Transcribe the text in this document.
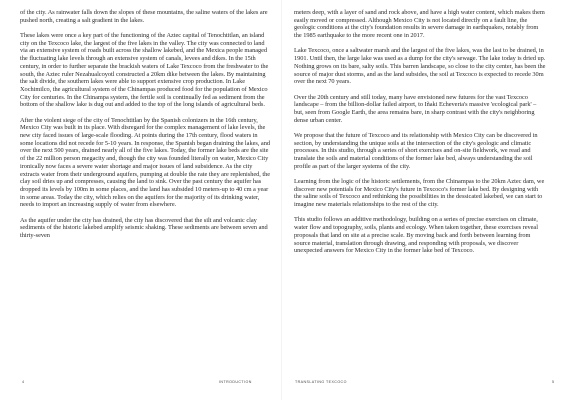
of the city. As rainwater falls down the slopes of these mountains, the saline waters of the lakes are pushed north, creating a salt gradient in the lakes.

These lakes were once a key part of the functioning of the Aztec capital of Tenochtitlan, an island city on the Texcoco lake, the largest of the five lakes in the valley. The city was connected to land via an extensive system of roads built across the shallow lakebed, and the Mexica people managed the fluctuating lake levels through an extensive system of canals, levees and dikes. In the 15th century, in order to further separate the brackish waters of Lake Texcoco from the freshwater to the south, the Aztec ruler Nezahualcoyotl constructed a 20km dike between the lakes. By maintaining the salt divide, the southern lakes were able to support extensive crop production. In Lake Xochimilco, the agricultural system of the Chinampas produced food for the population of Mexico City for centuries. In the Chinampa system, the fertile soil is continually fed as sediment from the bottom of the shallow lake is dug out and added to the top of the long islands of agricultural beds.

After the violent siege of the city of Tenochtitlan by the Spanish colonizers in the 16th century, Mexico City was built in its place. With disregard for the complex management of lake levels, the new city faced issues of large-scale flooding. At points during the 17th century, flood waters in some locations did not recede for 5-10 years. In response, the Spanish began draining the lakes, and over the next 500 years, drained nearly all of the five lakes. Today, the former lake beds are the site of the 22 million person megacity and, though the city was founded literally on water, Mexico City ironically now faces a severe water shortage and major issues of land subsidence. As the city extracts water from their underground aquifers, pumping at double the rate they are replenished, the clay soil dries up and compresses, causing the land to sink. Over the past century the aquifer has dropped its levels by 100m in some places, and the land has subsided 10 meters-up to 40 cm a year in some areas. Today the city, which relies on the aquifers for the majority of its drinking water, needs to import an increasing supply of water from elsewhere.

As the aquifer under the city has drained, the city has discovered that the silt and volcanic clay sediments of the historic lakebed amplify seismic shaking. These sediments are between seven and thirty-seven

4	INTRODUCTION

meters deep, with a layer of sand and rock above, and have a high water content, which makes them easily moved or compressed. Although Mexico City is not located directly on a fault line, the geologic conditions at the city's foundation results in severe damage in earthquakes, notably from the 1985 earthquake to the more recent one in 2017.

Lake Texcoco, once a saltwater marsh and the largest of the five lakes, was the last to be drained, in 1901. Until then, the large lake was used as a dump for the city's sewage. The lake today is dried up. Nothing grows on its bare, salty soils. This barren landscape, so close to the city center, has been the source of major dust storms, and as the land subsides, the soil at Texcoco is expected to recede 30m over the next 70 years.

Over the 20th century and still today, many have envisioned new futures for the vast Texcoco landscape – from the billion-dollar failed airport, to Iñaki Echeveria's massive 'ecological park' – but, seen from Google Earth, the area remains bare, in sharp contrast with the city's neighboring dense urban center.

We propose that the future of Texcoco and its relationship with Mexico City can be discovered in section, by understanding the unique soils at the intersection of the city's geologic and climatic processes. In this studio, through a series of short exercises and on-site fieldwork, we read and translate the soils and material conditions of the former lake bed, always understanding the soil profile as part of the larger systems of the city.

Learning from the logic of the historic settlements, from the Chinampas to the 20km Aztec dam, we discover new potentials for Mexico City's future in Texcoco's former lake bed. By designing with the saline soils of Texcoco and rethinking the possibilities in the dessicated lakebed, we can start to imagine new materials relationships to the rest of the city.

This studio follows an additive methodology, building on a series of precise exercises on climate, water flow and topography, soils, plants and ecology. When taken together, these exercises reveal proposals that land on site at a precise scale. By moving back and forth between learning from source material, translation through drawing, and responding with proposals, we discover unexpected answers for Mexico City in the former lake bed of Texcoco.

TRANSLATING TEXCOCO	5
